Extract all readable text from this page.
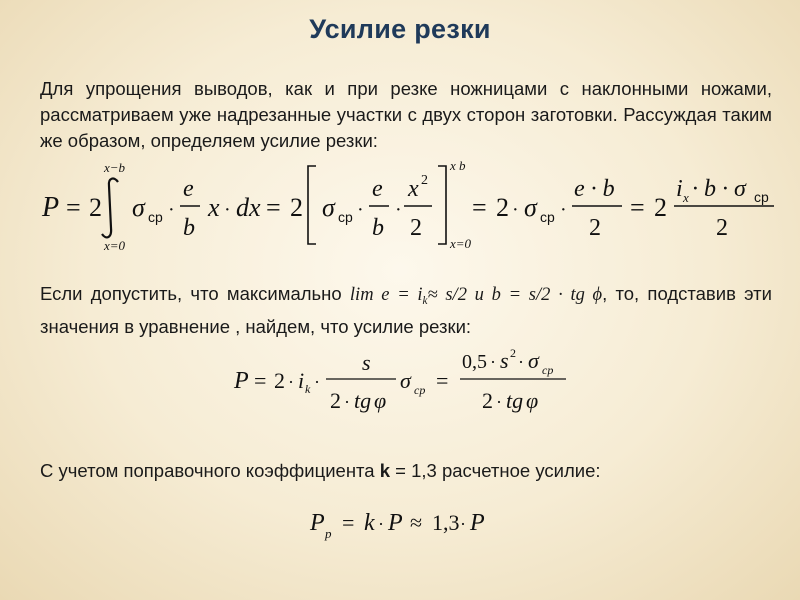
Усилие резки
Для упрощения выводов, как и при резке ножницами с наклонными ножами, рассматриваем уже надрезанные участки с двух сторон заготовки. Рассуждая таким же образом, определяем усилие резки:
P = 2
x−b
x=0
σ ср ·
e
b
x · dx = 2 σ ср ·
e
b
·
x 2
2
x b
x=0
= 2 · σ ср ·
e · b
2
= 2
i x · b · σ ср
2
Если допустить, что максимально $\lim e = i_k\approx s/2$ и b = s/2 · tg ϕ, то, подставив эти значения в уравнение , найдем, что усилие резки:
P = 2 · i k ·
s
2 · tg φ
σ ср =
0,5 · s 2 · σ ср
2 · tg φ
С учетом поправочного коэффициента k = 1,3 расчетное усилие:
P р = k · P ≈ 1,3 · P
